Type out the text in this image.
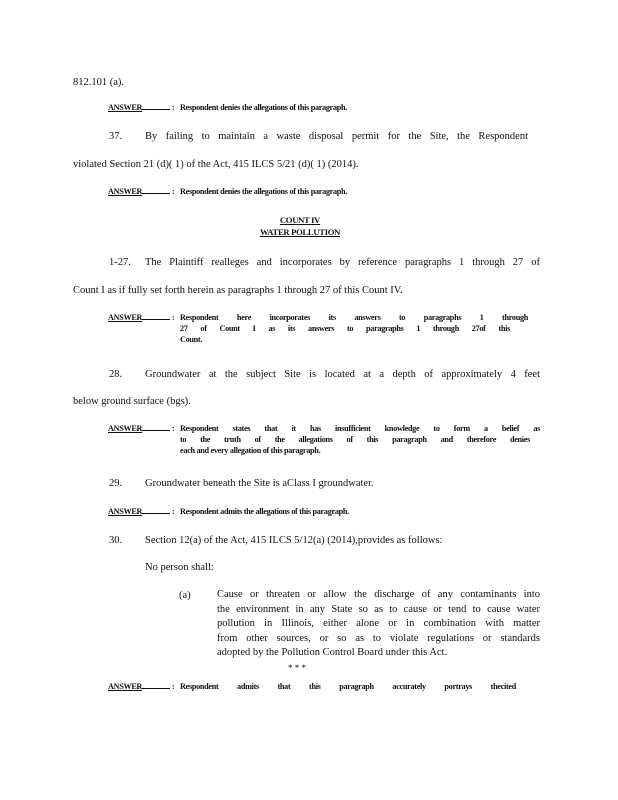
812.101 (a).
ANSWER	: Respondent denies the allegations of this paragraph.
37. By failing to maintain a waste disposal permit for the Site, the Respondent
violated Section 21 (d)( 1) of the Act, 415 ILCS 5/21 (d)( 1) (2014).
ANSWER	: Respondent denies the allegations of this paragraph.
COUNT IV
WATER POLLUTION
1-27. The Plaintiff realleges and incorporates by reference paragraphs 1 through 27 of
Count I as if fully set forth herein as paragraphs 1 through 27 of this Count IV.
ANSWER	: Respondent here incorporates its answers to paragraphs 1 through
27 of Count I as its answers to paragraphs 1 through 27of this
Count.
28. Groundwater at the subject Site is located at a depth of approximately 4 feet
below ground surface (bgs).
ANSWER	: Respondent states that it has insufficient knowledge to form a belief as
to the truth of the allegations of this paragraph and therefore denies
each and every allegation of this paragraph.
29. Groundwater beneath the Site is aClass I groundwater.
ANSWER	: Respondent admits the allegations of this paragraph.
30. Section 12(a) of the Act, 415 ILCS 5/12(a) (2014),provides as follows:
No person shall:
(a)	Cause or threaten or allow the discharge of any contaminants into
the environment in any State so as to cause or tend to cause water
pollution in Illinois, either alone or in combination with matter
from other sources, or so as to violate regulations or standards
adopted by the Pollution Control Board under this Act.
* * *
ANSWER	: Respondent admits that this paragraph accurately portrays thecited
